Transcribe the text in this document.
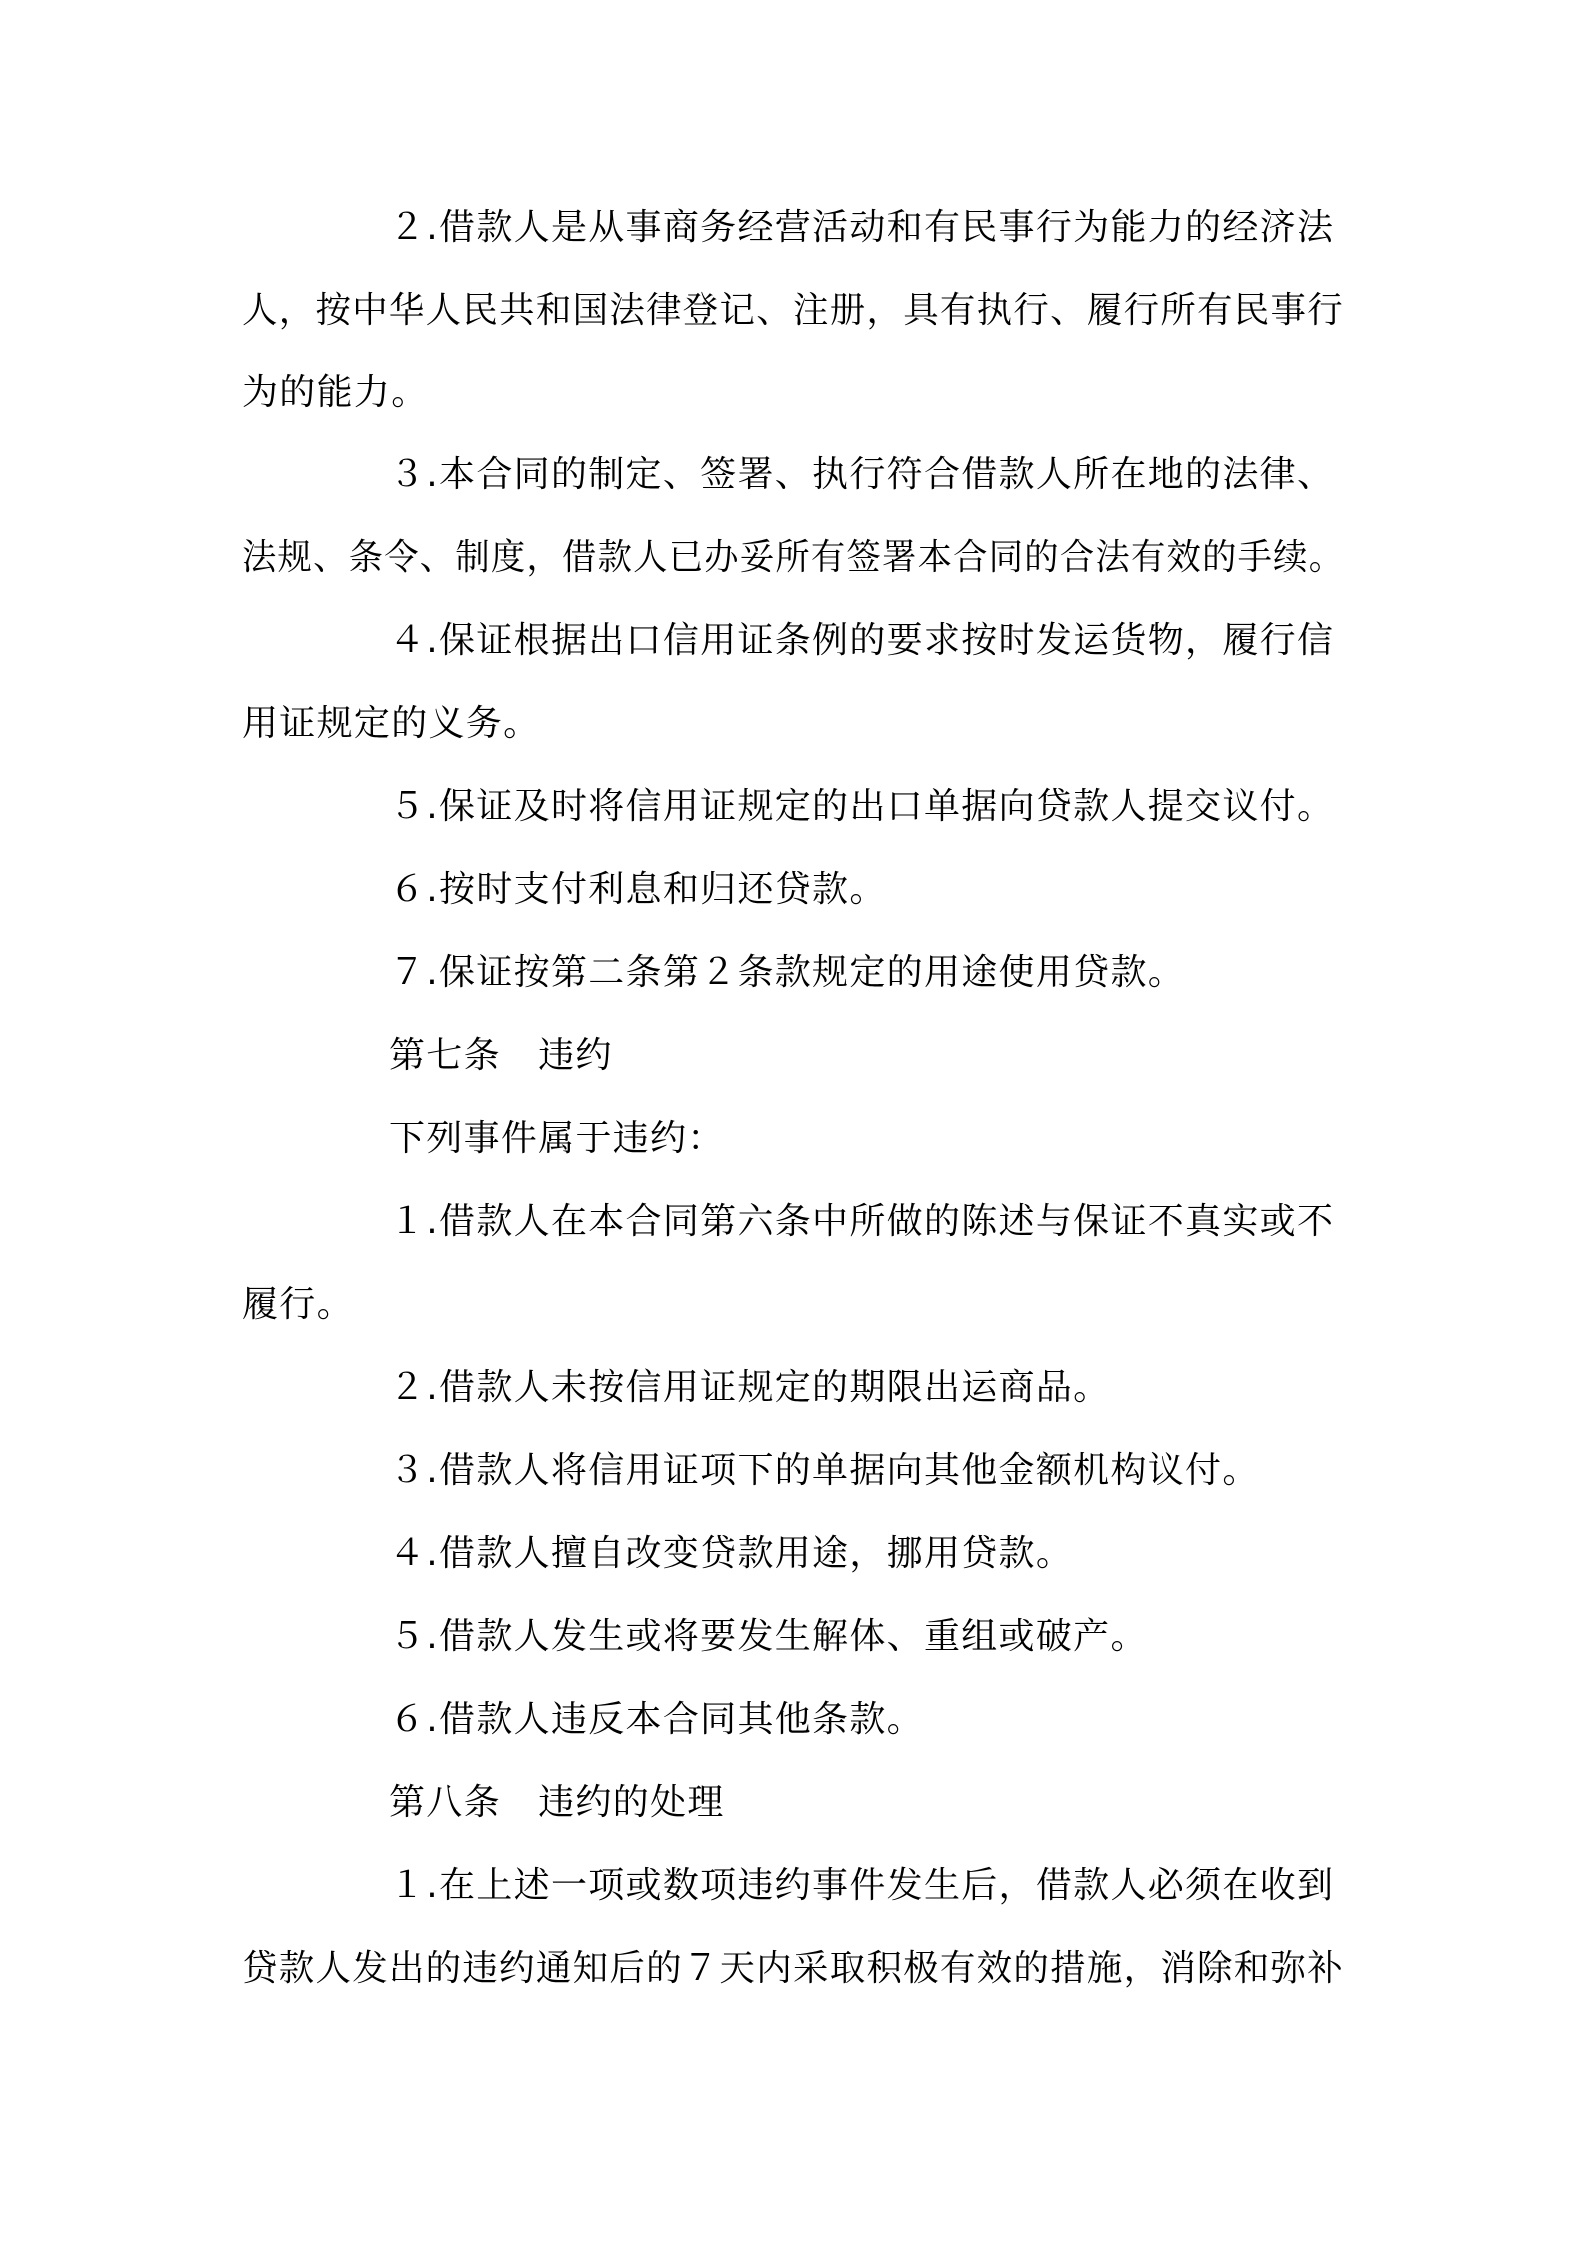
２.借款人是从事商务经营活动和有民事行为能力的经济法

人，按中华人民共和国法律登记、注册，具有执行、履行所有民事行

为的能力。

３.本合同的制定、签署、执行符合借款人所在地的法律、

法规、条令、制度，借款人已办妥所有签署本合同的合法有效的手续。

４.保证根据出口信用证条例的要求按时发运货物，履行信

用证规定的义务。

５.保证及时将信用证规定的出口单据向贷款人提交议付。

６.按时支付利息和归还贷款。

７.保证按第二条第２条款规定的用途使用贷款。

第七条　违约

下列事件属于违约：

１.借款人在本合同第六条中所做的陈述与保证不真实或不

履行。

２.借款人未按信用证规定的期限出运商品。

３.借款人将信用证项下的单据向其他金额机构议付。

４.借款人擅自改变贷款用途，挪用贷款。

５.借款人发生或将要发生解体、重组或破产。

６.借款人违反本合同其他条款。

第八条　违约的处理

１.在上述一项或数项违约事件发生后，借款人必须在收到

贷款人发出的违约通知后的７天内采取积极有效的措施，消除和弥补
